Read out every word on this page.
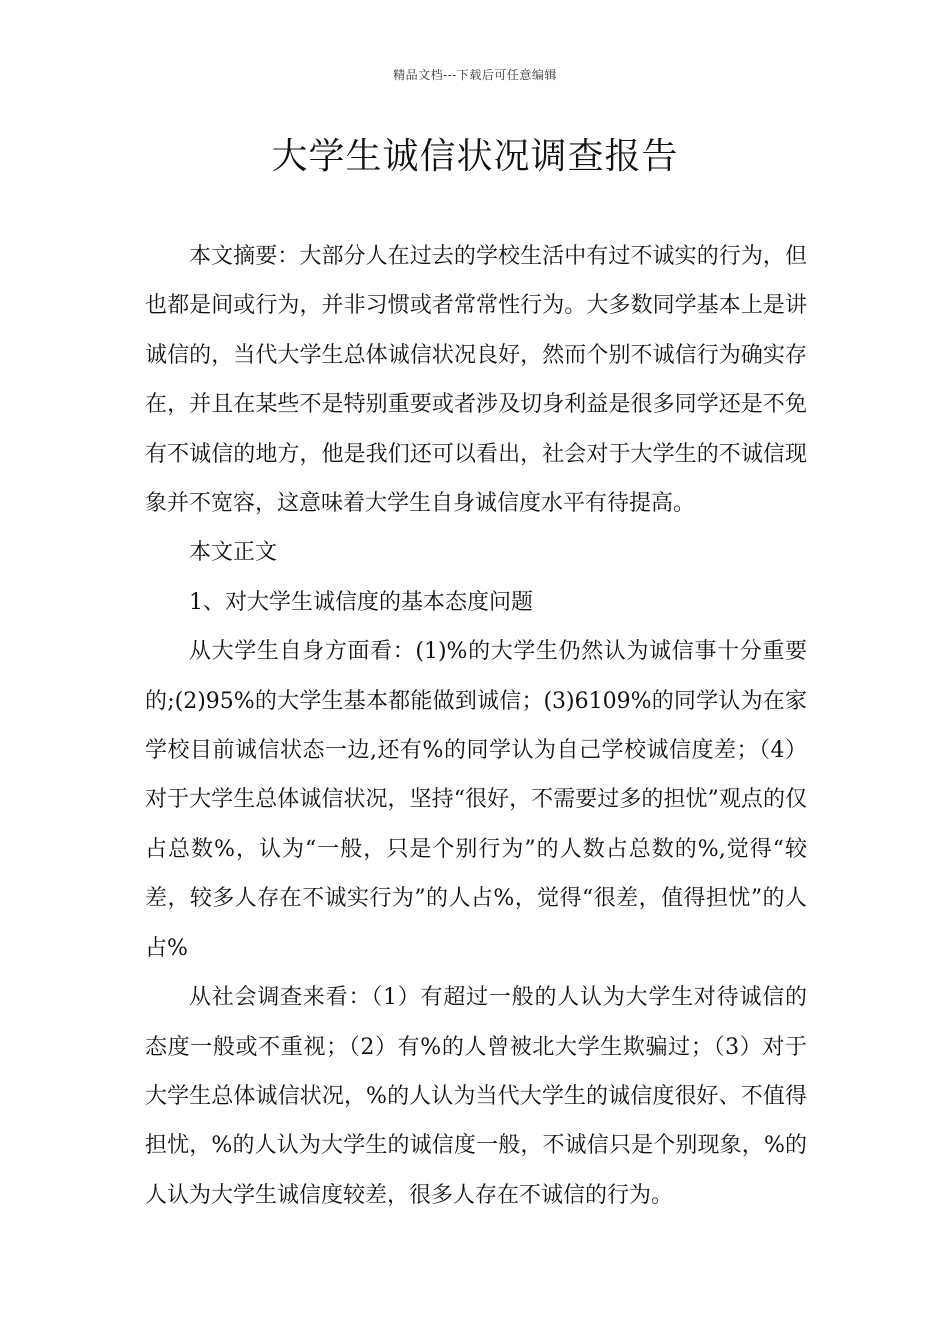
精品文档---下载后可任意编辑
大学生诚信状况调查报告

本文摘要：大部分人在过去的学校生活中有过不诚实的行为，但也都是间或行为，并非习惯或者常常性行为。大多数同学基本上是讲诚信的，当代大学生总体诚信状况良好，然而个别不诚信行为确实存在，并且在某些不是特别重要或者涉及切身利益是很多同学还是不免有不诚信的地方，他是我们还可以看出，社会对于大学生的不诚信现象并不宽容，这意味着大学生自身诚信度水平有待提高。

本文正文

1、对大学生诚信度的基本态度问题

从大学生自身方面看：(1)%的大学生仍然认为诚信事十分重要的;(2)95%的大学生基本都能做到诚信；(3)6109%的同学认为在家学校目前诚信状态一边,还有%的同学认为自己学校诚信度差；（4）对于大学生总体诚信状况，坚持“很好，不需要过多的担忧”观点的仅占总数%，认为“一般，只是个别行为”的人数占总数的%,觉得“较差，较多人存在不诚实行为”的人占%，觉得“很差，值得担忧”的人占%

从社会调查来看：（1）有超过一般的人认为大学生对待诚信的态度一般或不重视；（2）有%的人曾被北大学生欺骗过；（3）对于大学生总体诚信状况，%的人认为当代大学生的诚信度很好、不值得担忧，%的人认为大学生的诚信度一般，不诚信只是个别现象，%的人认为大学生诚信度较差，很多人存在不诚信的行为。
